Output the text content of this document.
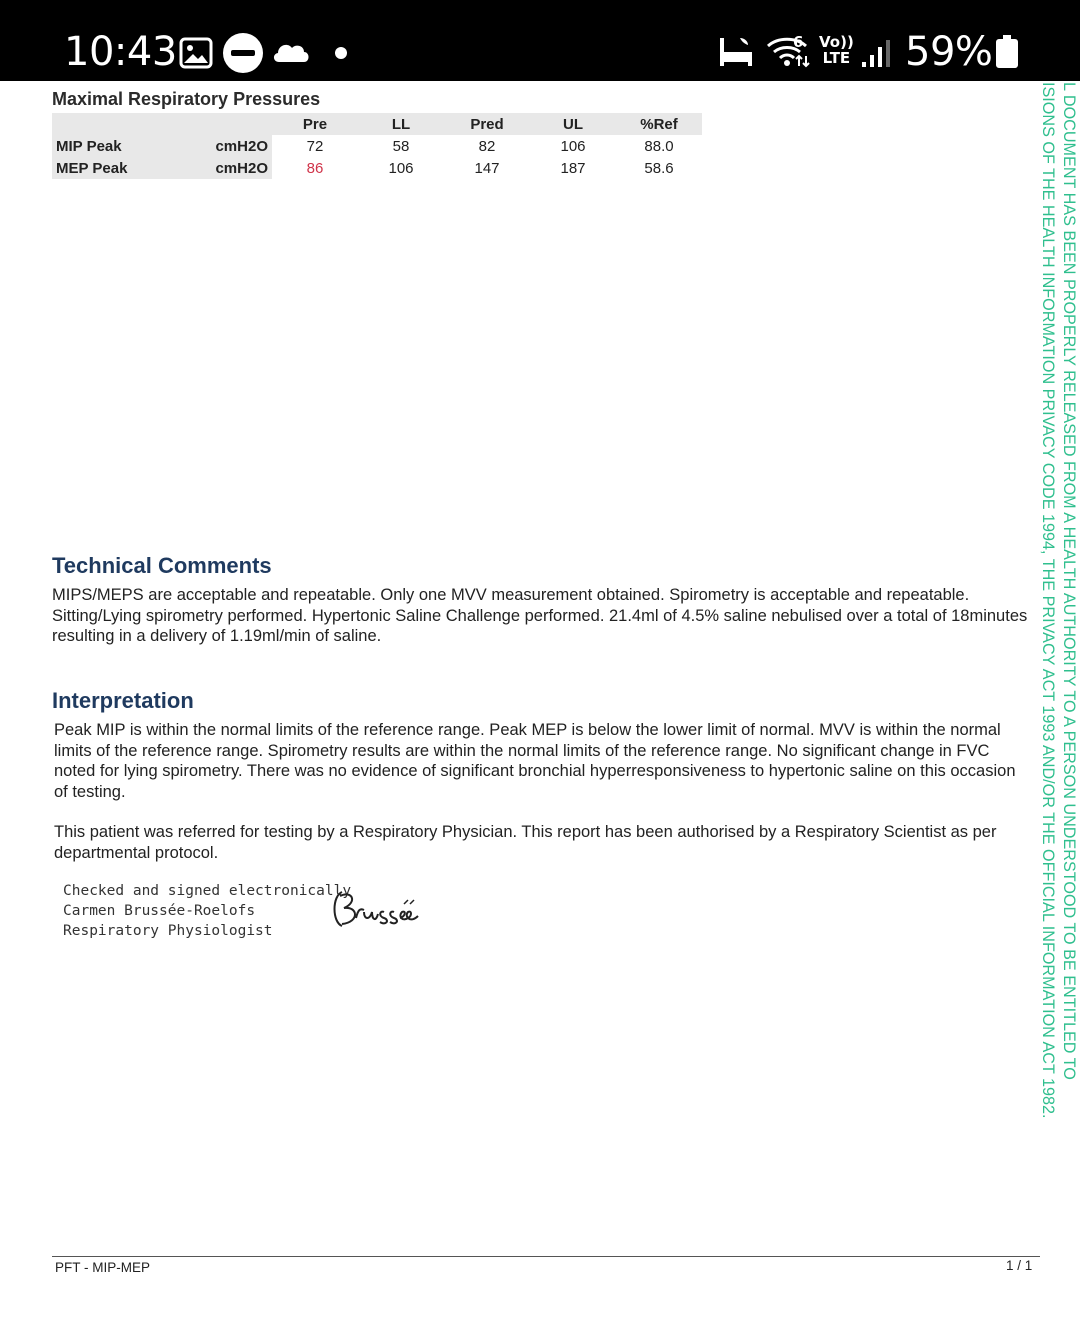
10:43	6 Vo))
LTE 59%
Maximal Respiratory Pressures
		Pre	LL	Pred	UL	%Ref
MIP Peak	cmH2O	72	58	82	106	88.0
MEP Peak	cmH2O	86	106	147	187	58.6
Technical Comments

MIPS/MEPS are acceptable and repeatable. Only one MVV measurement obtained. Spirometry is acceptable and repeatable. Sitting/Lying spirometry performed. Hypertonic Saline Challenge performed. 21.4ml of 4.5% saline nebulised over a total of 18minutes resulting in a delivery of 1.19ml/min of saline.

Interpretation

Peak MIP is within the normal limits of the reference range. Peak MEP is below the lower limit of normal. MVV is within the normal limits of the reference range. Spirometry results are within the normal limits of the reference range. No significant change in FVC noted for lying spirometry. There was no evidence of significant bronchial hyperresponsiveness to hypertonic saline on this occasion of testing.

This patient was referred for testing by a Respiratory Physician. This report has been authorised by a Respiratory Scientist as per departmental protocol.

Checked and signed electronically
Carmen Brussée-Roelofs
Respiratory Physiologist
PFT - MIP-MEP	1 / 1
L DOCUMENT HAS BEEN PROPERLY RELEASED FROM A HEALTH AUTHORITY TO A PERSON UNDERSTOOD TO BE ENTITLED TO
ISIONS OF THE HEALTH INFORMATION PRIVACY CODE 1994, THE PRIVACY ACT 1993 AND/OR THE OFFICIAL INFORMATION ACT 1982.
